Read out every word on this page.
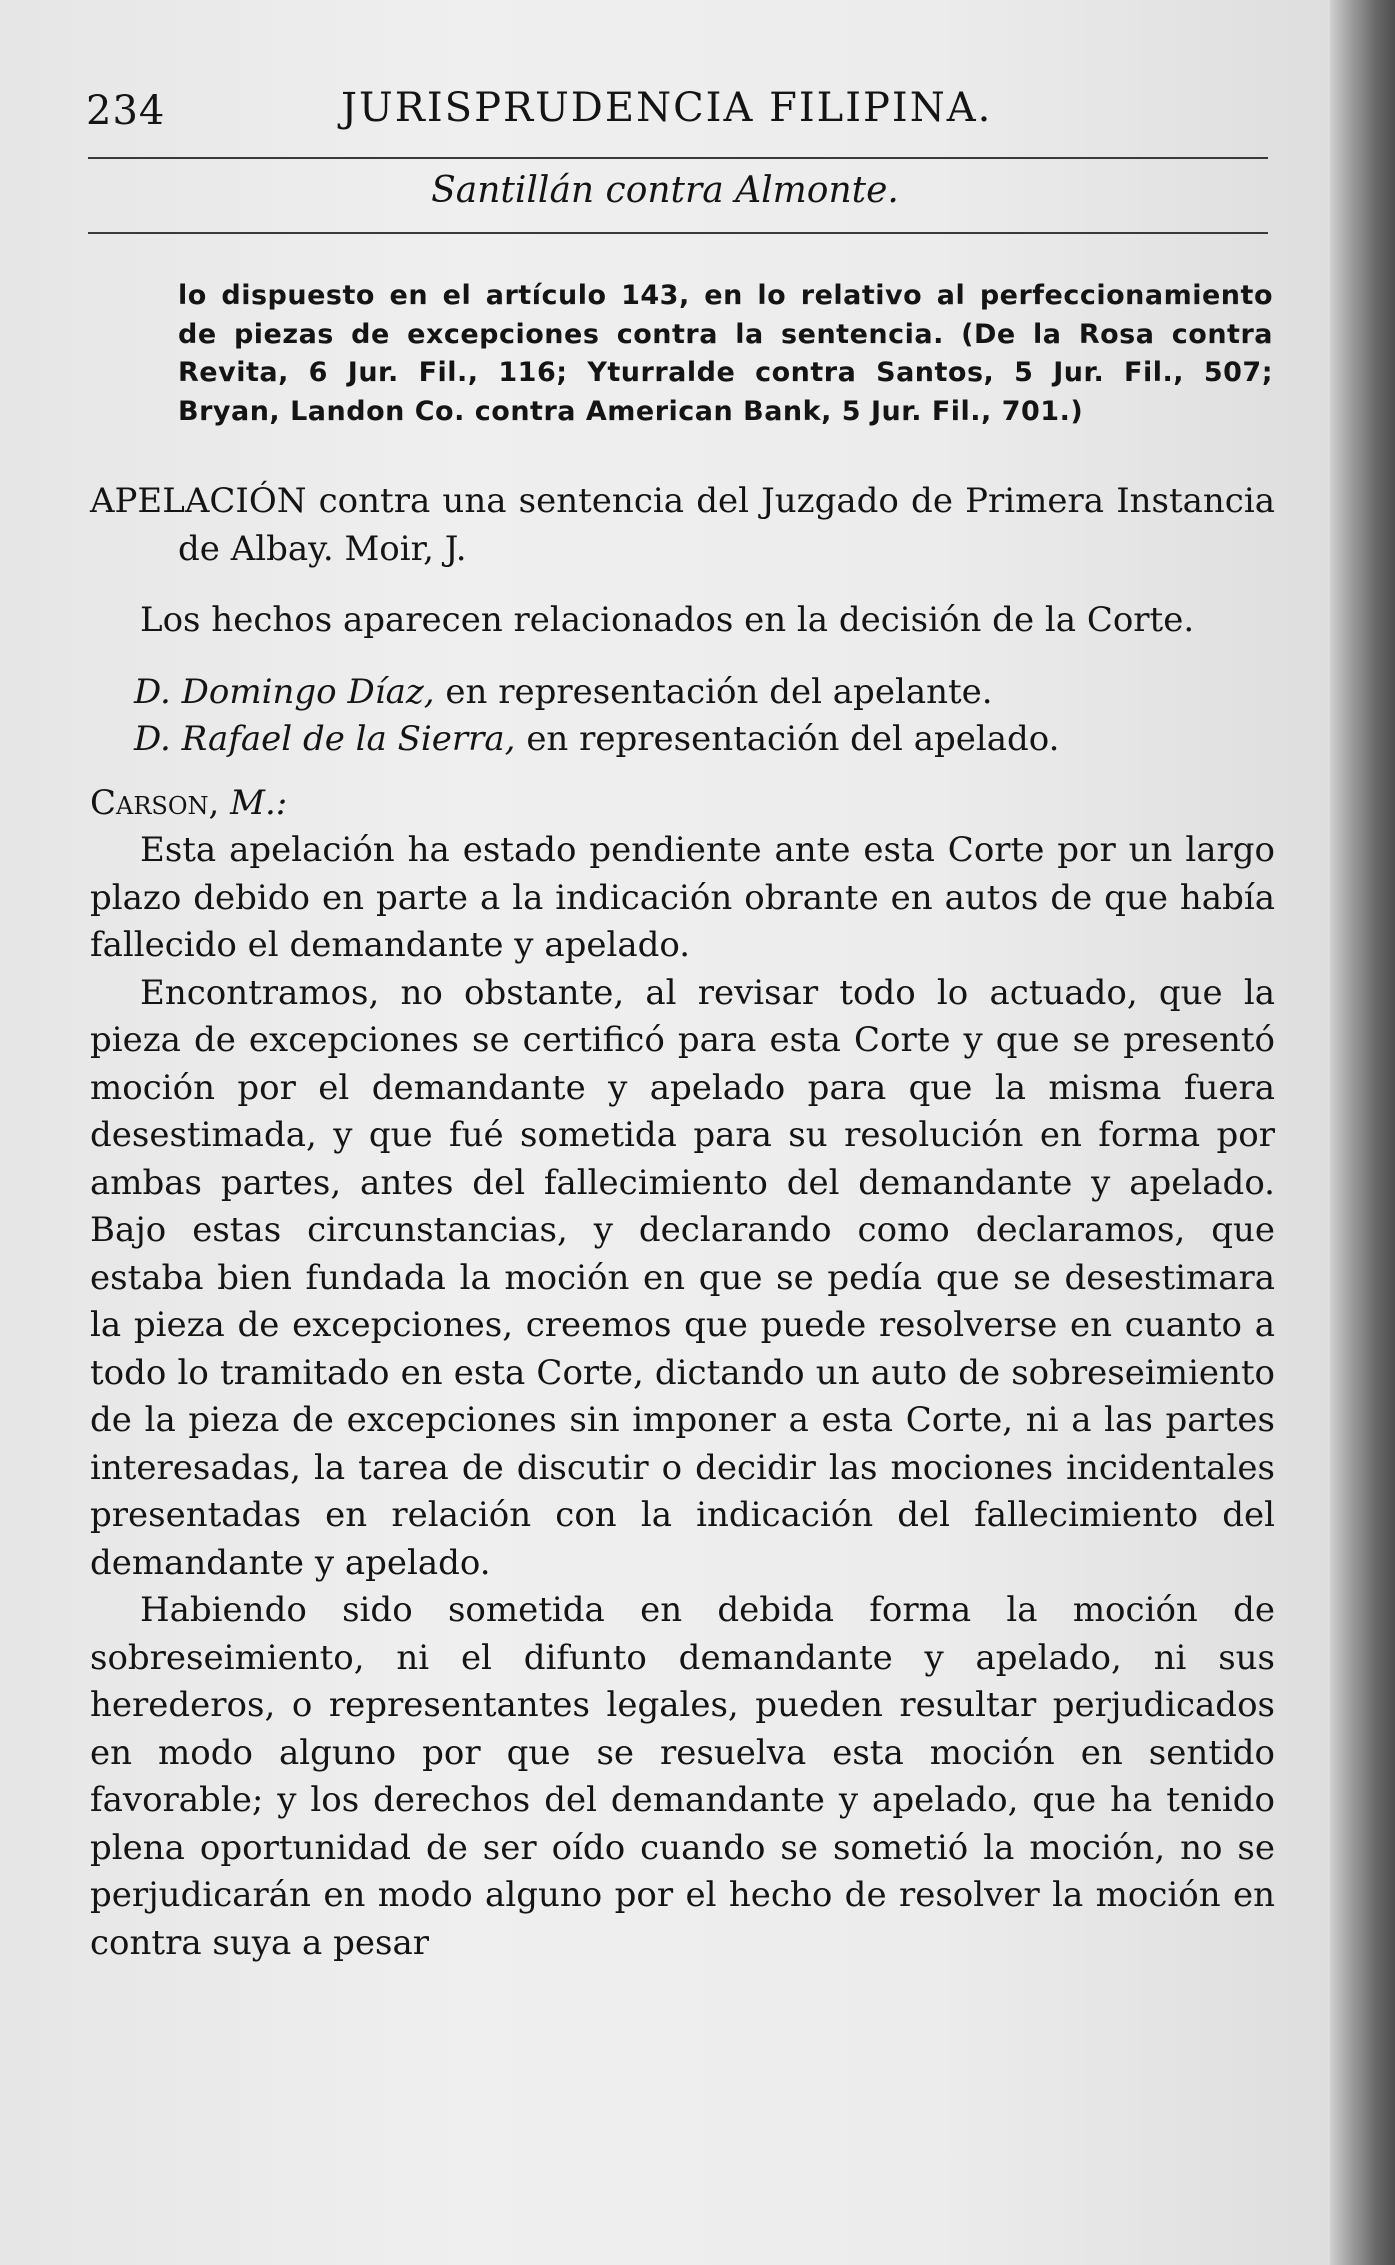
234	JURISPRUDENCIA FILIPINA.
Santillán contra Almonte.

lo dispuesto en el artículo 143, en lo relativo al perfeccionamiento de piezas de excepciones contra la sentencia. (De la Rosa contra Revita, 6 Jur. Fil., 116; Yturralde contra Santos, 5 Jur. Fil., 507; Bryan, Landon Co. contra American Bank, 5 Jur. Fil., 701.)

APELACIÓN contra una sentencia del Juzgado de Primera Instancia de Albay. Moir, J.

Los hechos aparecen relacionados en la decisión de la Corte.

D. Domingo Díaz, en representación del apelante.

D. Rafael de la Sierra, en representación del apelado.

Carson, M.:

Esta apelación ha estado pendiente ante esta Corte por un largo plazo debido en parte a la indicación obrante en autos de que había fallecido el demandante y apelado.

Encontramos, no obstante, al revisar todo lo actuado, que la pieza de excepciones se certificó para esta Corte y que se presentó moción por el demandante y apelado para que la misma fuera desestimada, y que fué sometida para su resolución en forma por ambas partes, antes del fallecimiento del demandante y apelado. Bajo estas circunstancias, y declarando como declaramos, que estaba bien fundada la moción en que se pedía que se desestimara la pieza de excepciones, creemos que puede resolverse en cuanto a todo lo tramitado en esta Corte, dictando un auto de sobreseimiento de la pieza de excepciones sin imponer a esta Corte, ni a las partes interesadas, la tarea de discutir o decidir las mociones incidentales presentadas en relación con la indicación del fallecimiento del demandante y apelado.

Habiendo sido sometida en debida forma la moción de sobreseimiento, ni el difunto demandante y apelado, ni sus herederos, o representantes legales, pueden resultar perjudicados en modo alguno por que se resuelva esta moción en sentido favorable; y los derechos del demandante y apelado, que ha tenido plena oportunidad de ser oído cuando se sometió la moción, no se perjudicarán en modo alguno por el hecho de resolver la moción en contra suya a pesar
